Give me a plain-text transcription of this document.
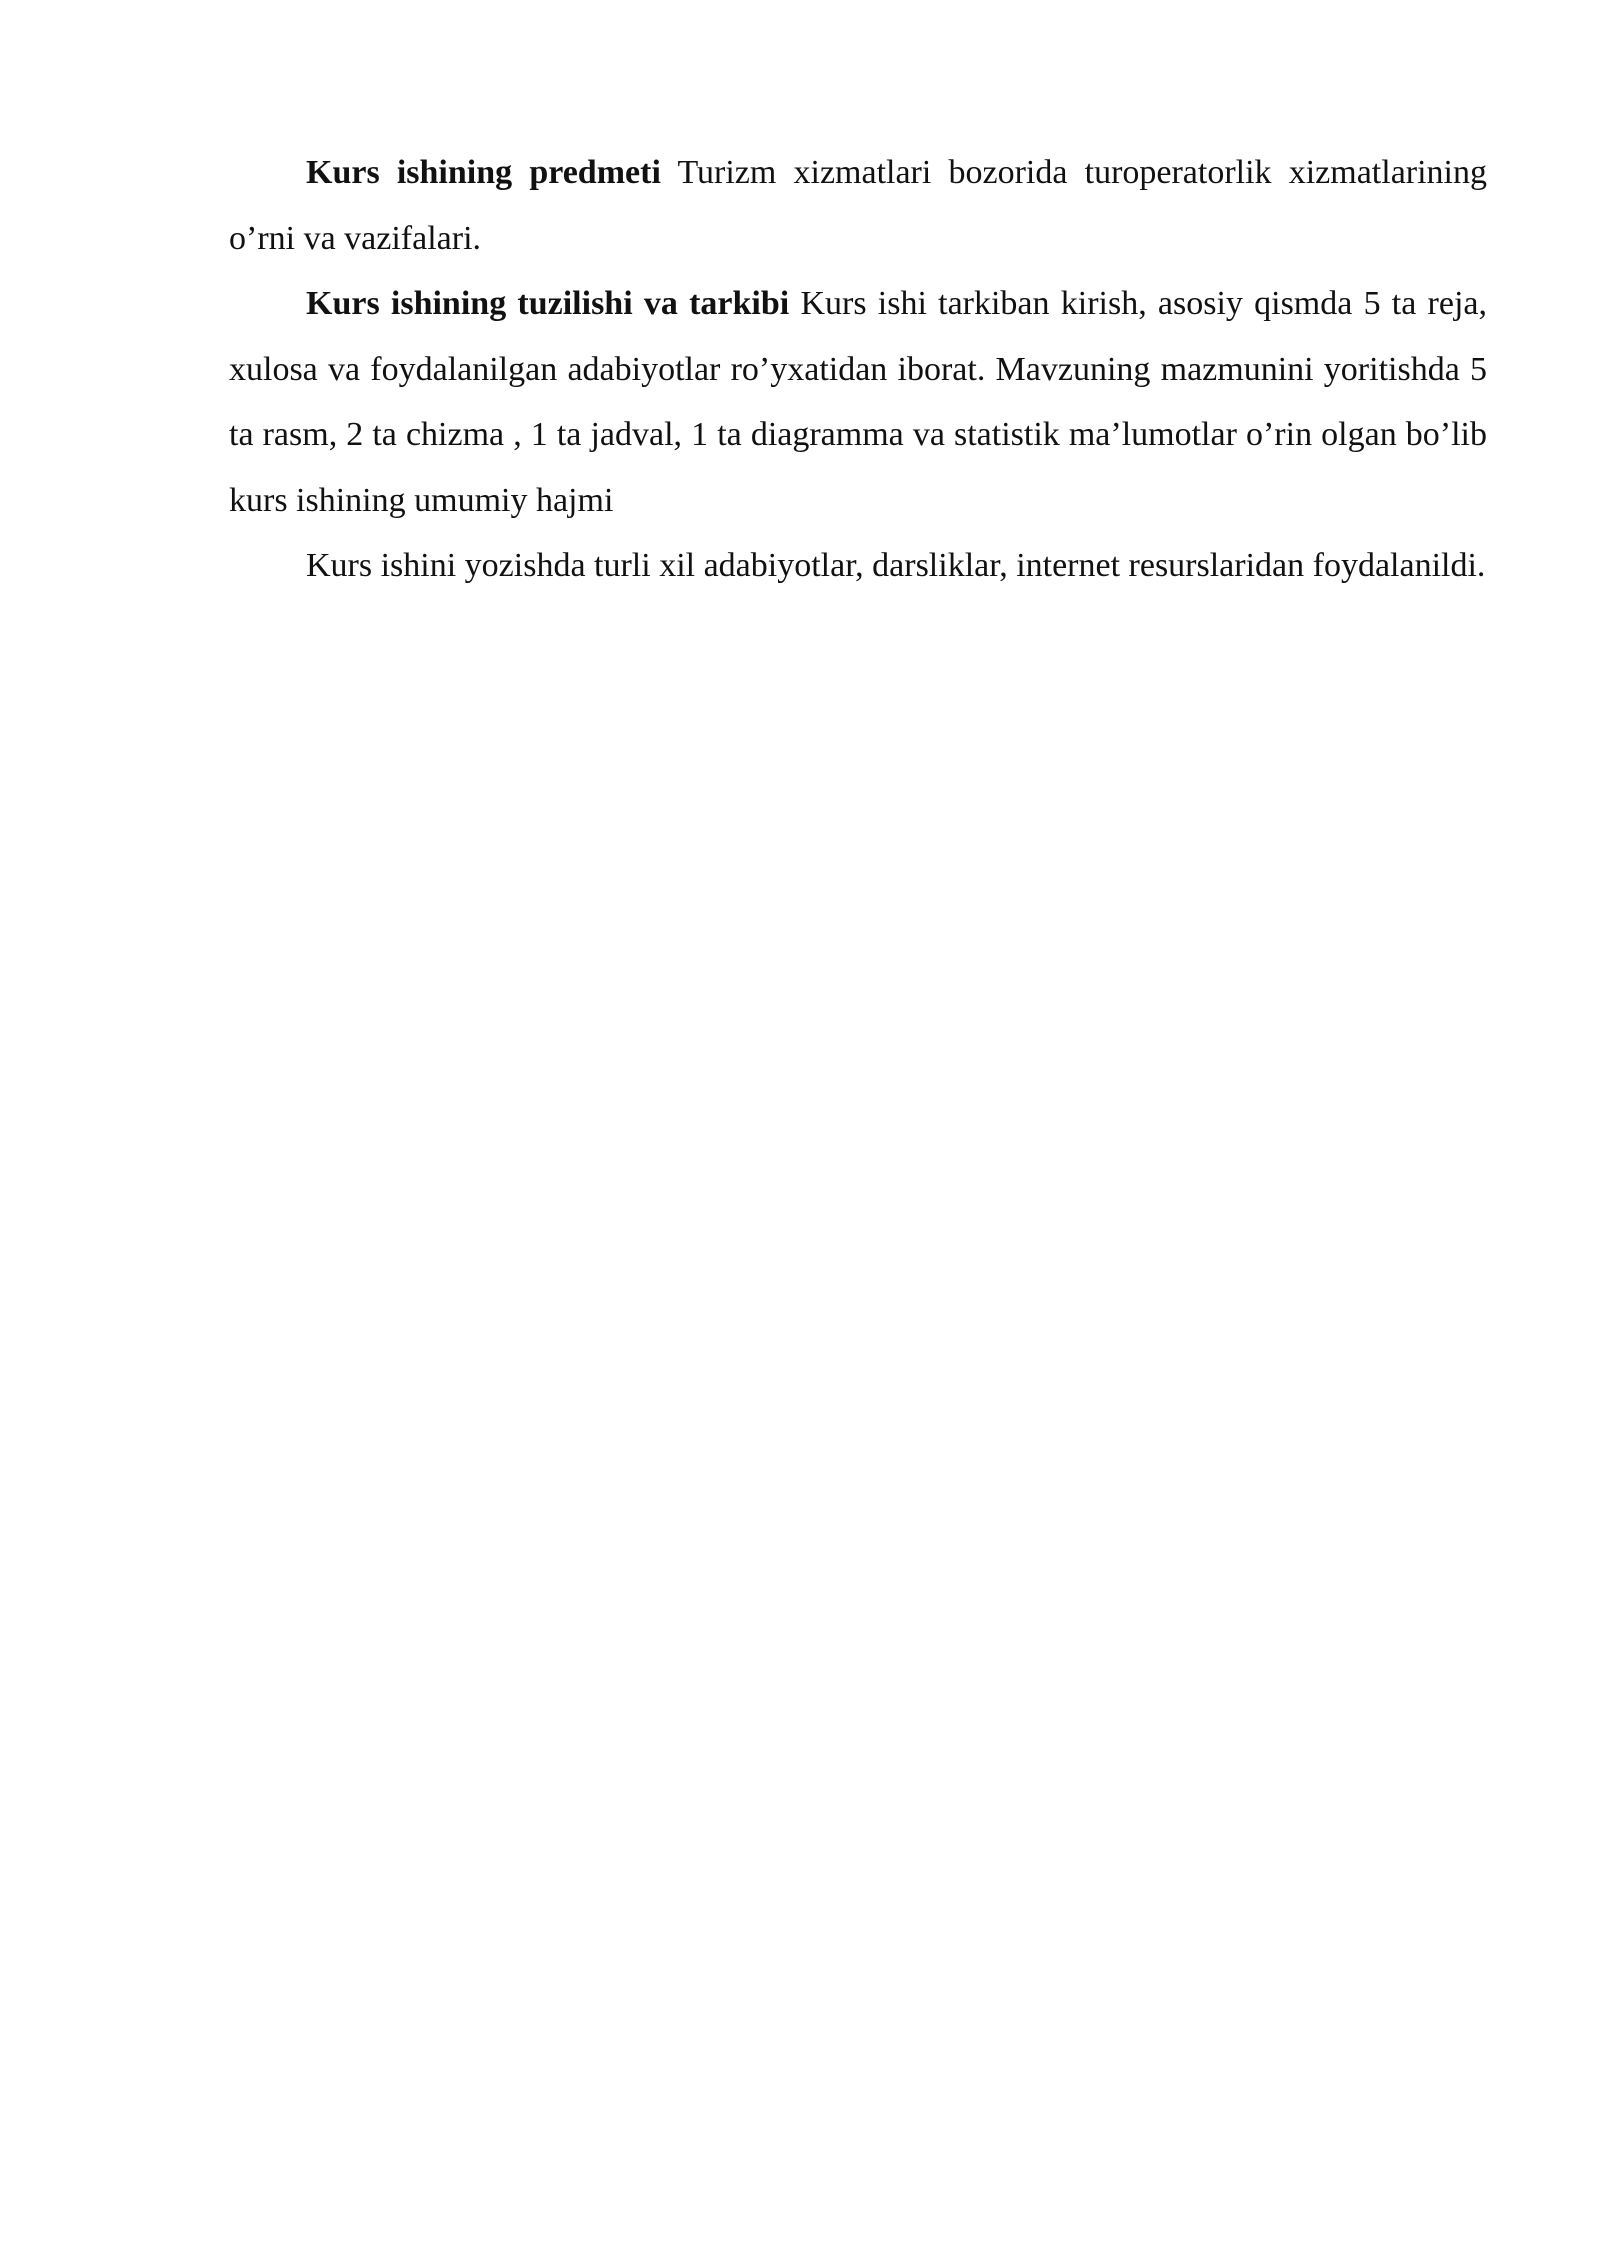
Kurs ishining predmeti Turizm xizmatlari bozorida turoperatorlik xizmatlarining o’rni va vazifalari.

Kurs ishining tuzilishi va tarkibi Kurs ishi tarkiban kirish, asosiy qismda 5 ta reja, xulosa va foydalanilgan adabiyotlar ro’yxatidan iborat. Mavzuning mazmunini yoritishda 5 ta rasm, 2 ta chizma , 1 ta jadval, 1 ta diagramma va statistik ma’lumotlar o’rin olgan bo’lib kurs ishining umumiy hajmi

Kurs ishini yozishda turli xil adabiyotlar, darsliklar, internet resurslaridan foydalanildi.
